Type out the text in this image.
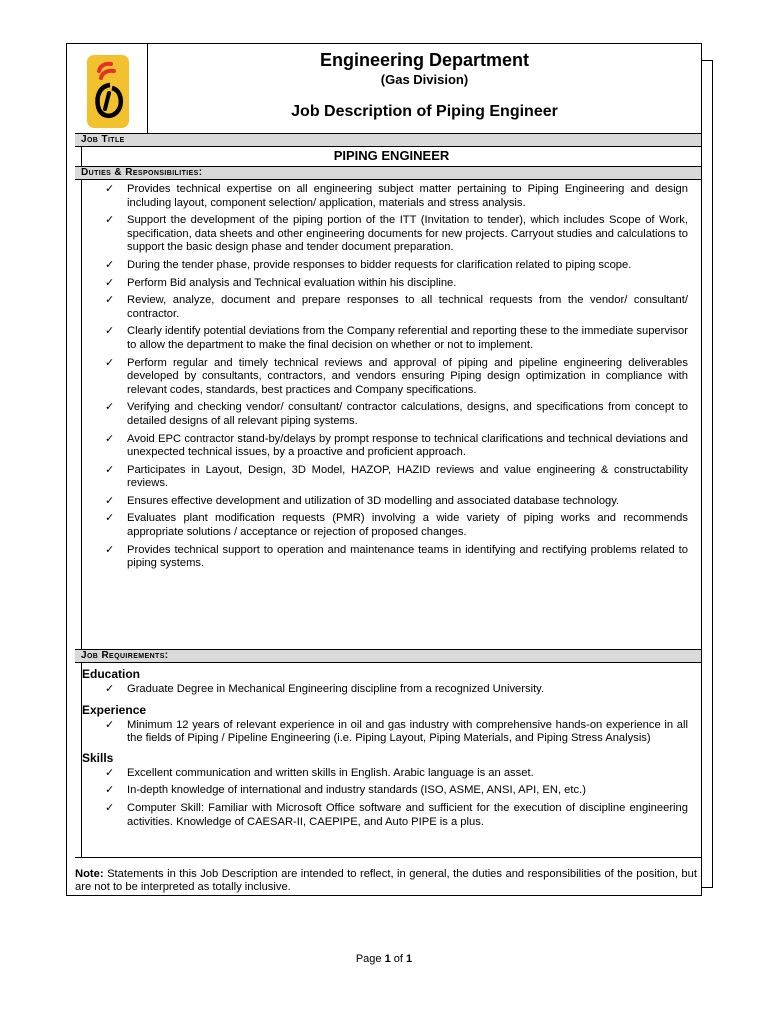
Engineering Department
(Gas Division)
Job Description of Piping Engineer
Job Title
PIPING ENGINEER
Duties & Responsibilities:
✓ Provides technical expertise on all engineering subject matter pertaining to Piping Engineering and design including layout, component selection/ application, materials and stress analysis.
✓ Support the development of the piping portion of the ITT (Invitation to tender), which includes Scope of Work, specification, data sheets and other engineering documents for new projects. Carryout studies and calculations to support the basic design phase and tender document preparation.
✓ During the tender phase, provide responses to bidder requests for clarification related to piping scope.
✓ Perform Bid analysis and Technical evaluation within his discipline.
✓ Review, analyze, document and prepare responses to all technical requests from the vendor/ consultant/ contractor.
✓ Clearly identify potential deviations from the Company referential and reporting these to the immediate supervisor to allow the department to make the final decision on whether or not to implement.
✓ Perform regular and timely technical reviews and approval of piping and pipeline engineering deliverables developed by consultants, contractors, and vendors ensuring Piping design optimization in compliance with relevant codes, standards, best practices and Company specifications.
✓ Verifying and checking vendor/ consultant/ contractor calculations, designs, and specifications from concept to detailed designs of all relevant piping systems.
✓ Avoid EPC contractor stand-by/delays by prompt response to technical clarifications and technical deviations and unexpected technical issues, by a proactive and proficient approach.
✓ Participates in Layout, Design, 3D Model, HAZOP, HAZID reviews and value engineering & constructability reviews.
✓ Ensures effective development and utilization of 3D modelling and associated database technology.
✓ Evaluates plant modification requests (PMR) involving a wide variety of piping works and recommends appropriate solutions / acceptance or rejection of proposed changes.
✓ Provides technical support to operation and maintenance teams in identifying and rectifying problems related to piping systems.
Job Requirements:
Education
✓ Graduate Degree in Mechanical Engineering discipline from a recognized University.
Experience
✓ Minimum 12 years of relevant experience in oil and gas industry with comprehensive hands-on experience in all the fields of Piping / Pipeline Engineering (i.e. Piping Layout, Piping Materials, and Piping Stress Analysis)
Skills
✓ Excellent communication and written skills in English. Arabic language is an asset.
✓ In-depth knowledge of international and industry standards (ISO, ASME, ANSI, API, EN, etc.)
✓ Computer Skill: Familiar with Microsoft Office software and sufficient for the execution of discipline engineering activities. Knowledge of CAESAR-II, CAEPIPE, and Auto PIPE is a plus.
Note: Statements in this Job Description are intended to reflect, in general, the duties and responsibilities of the position, but are not to be interpreted as totally inclusive.
Page 1 of 1
